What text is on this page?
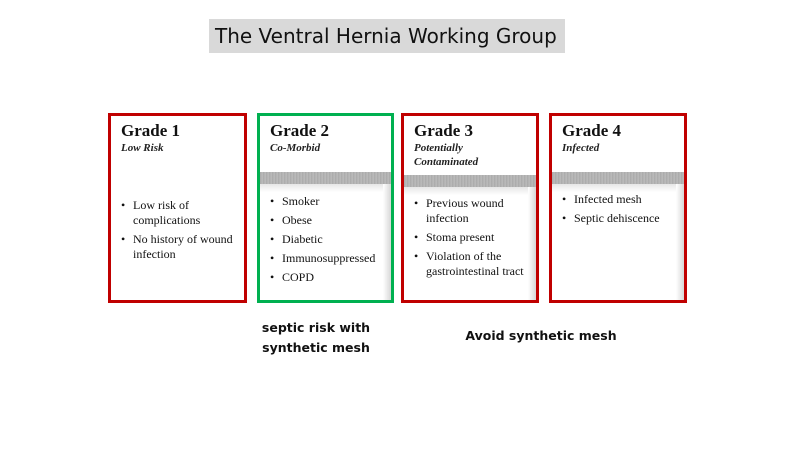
The Ventral Hernia Working Group
Grade 1
Low Risk
• Low risk of complications
• No history of wound infection
Grade 2
Co-Morbid
• Smoker
• Obese
• Diabetic
• Immunosuppressed
• COPD
Grade 3
Potentially Contaminated
• Previous wound infection
• Stoma present
• Violation of the gastrointestinal tract
Grade 4
Infected
• Infected mesh
• Septic dehiscence
septic risk with synthetic mesh
Avoid synthetic mesh
